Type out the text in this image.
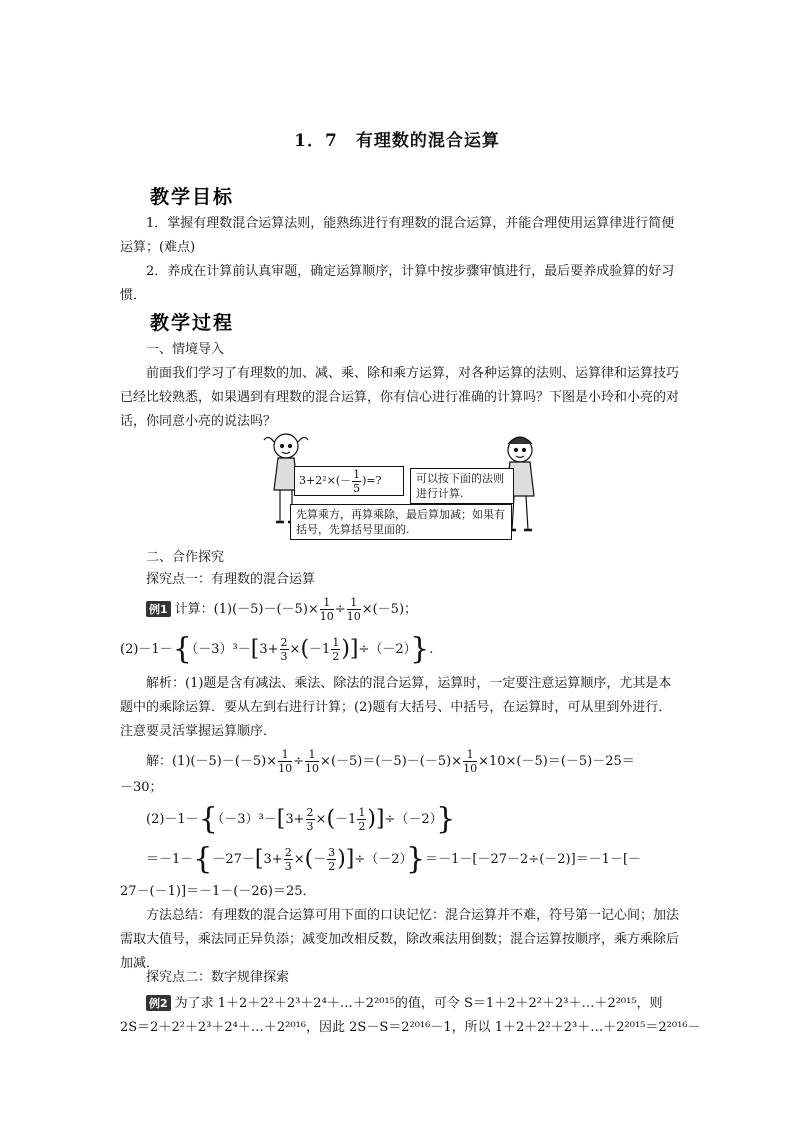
1．7　有理数的混合运算
教学目标
1．掌握有理数混合运算法则，能熟练进行有理数的混合运算，并能合理使用运算律进行简便运算；(难点)
2．养成在计算前认真审题，确定运算顺序，计算中按步骤审慎进行，最后要养成验算的好习惯．
教学过程
一、情境导入
前面我们学习了有理数的加、减、乘、除和乘方运算，对各种运算的法则、运算律和运算技巧已经比较熟悉，如果遇到有理数的混合运算，你有信心进行准确的计算吗？下图是小玲和小亮的对话，你同意小亮的说法吗？
$3+2^2\times(- \frac{1}{5}$ )=?	可以按下面的法则进行计算.
先算乘方，再算乘除，最后算加减；如果有括号，先算括号里面的.
二、合作探究
探究点一：有理数的混合运算
例1 计算：$(1)(-5)-(-5)\times \frac{1}{10} \div \frac{1}{10} \times(-5)$；
$(2)-1-\{(-3)^3-[3+ \frac{2}{3} \times(-1 \frac{1}{2} )]\div(-2)\}$.
解析：(1)题是含有减法、乘法、除法的混合运算，运算时，一定要注意运算顺序，尤其是本题中的乘除运算．要从左到右进行计算；(2)题有大括号、中括号，在运算时，可从里到外进行．注意要灵活掌握运算顺序．
解：$(1)(-5)-(-5)\times \frac{1}{10} \div \frac{1}{10} \times(-5)=(-5)-(-5)\times \frac{1}{10} \times 10\times(-5)=(-5)-25=$
－30；
$(2)-1-\{(-3)^3-[3+ \frac{2}{3} \times(-1 \frac{1}{2} )]\div(-2)\}$
$=-1-\{-27-[3+ \frac{2}{3}$ ×(－ $\frac{3}{2} )]\div(-2)\}=-1-[-27-2\div(-2)]=-1-[-$
27－(－1)]＝－1－(－26)＝25．
方法总结：有理数的混合运算可用下面的口诀记忆：混合运算并不难，符号第一记心间；加法需取大值号，乘法同正异负添；减变加改相反数，除改乘法用倒数；混合运算按顺序，乘方乘除后加减．
探究点二：数字规律探索
例2 为了求 1＋2＋2²＋2³＋2⁴＋…＋2²⁰¹⁵的值，可令 S＝1＋2＋2²＋2³＋…＋2²⁰¹⁵，则
2S＝2＋2²＋2³＋2⁴＋…＋2²⁰¹⁶，因此 2S－S＝2²⁰¹⁶－1，所以 1＋2＋2²＋2³＋…＋2²⁰¹⁵＝2²⁰¹⁶－
